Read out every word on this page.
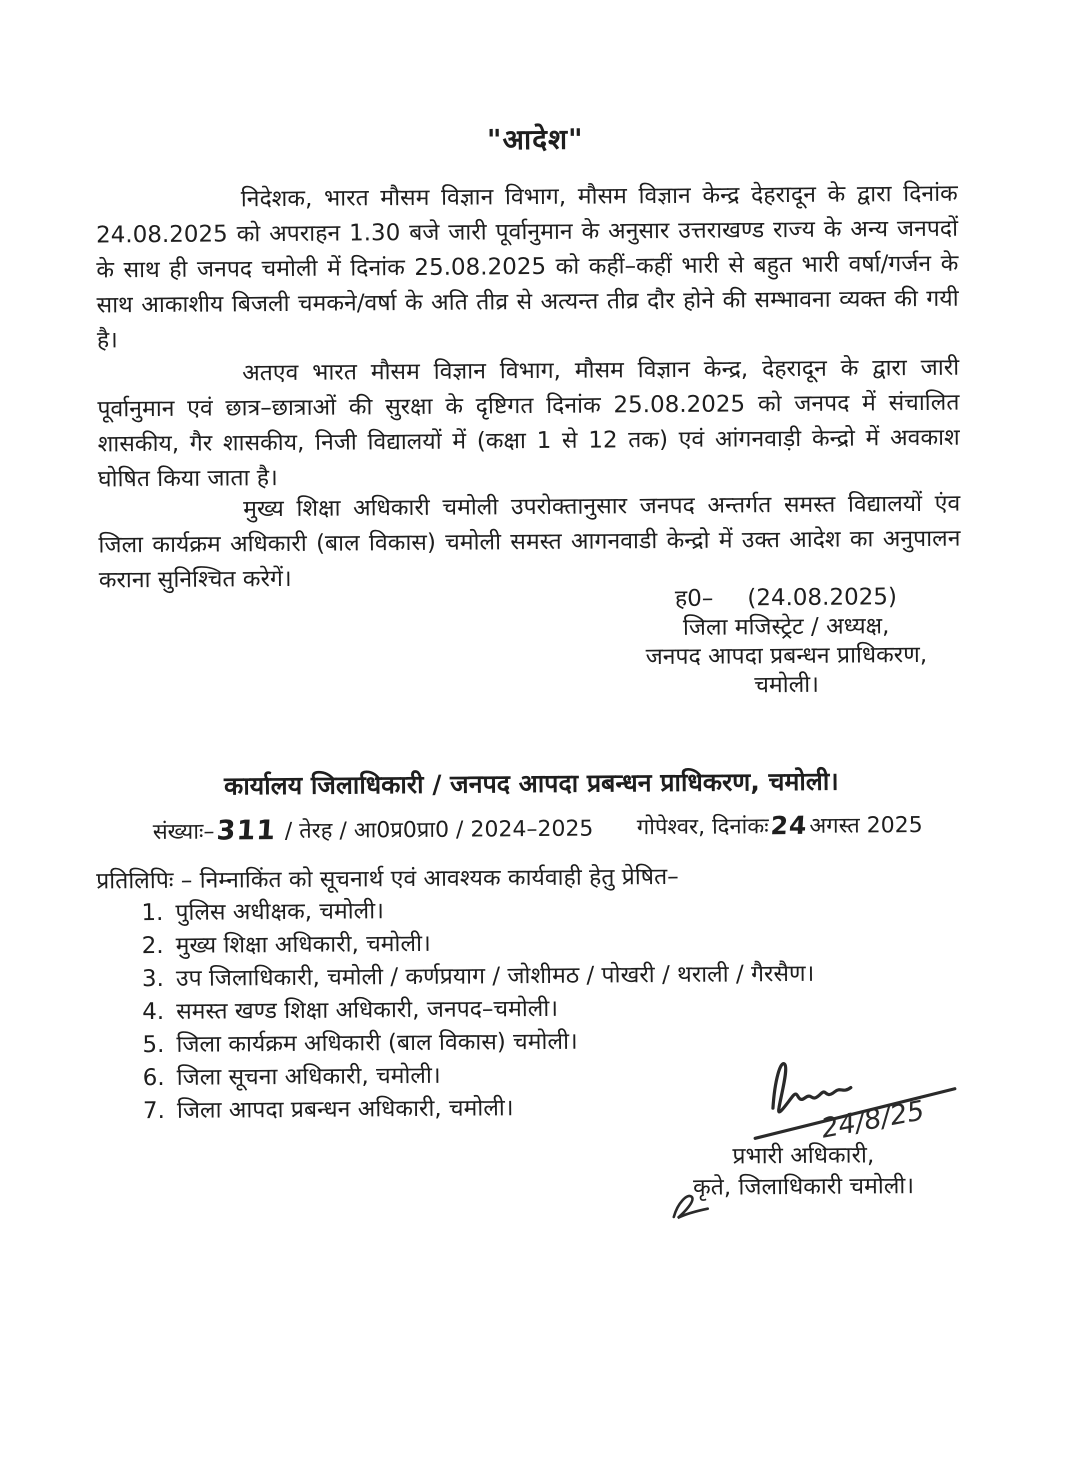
"आदेश"

निदेशक, भारत मौसम विज्ञान विभाग, मौसम विज्ञान केन्द्र देहरादून के द्वारा दिनांक 24.08.2025 को अपराहन 1.30 बजे जारी पूर्वानुमान के अनुसार उत्तराखण्ड राज्य के अन्य जनपदों के साथ ही जनपद चमोली में दिनांक 25.08.2025 को कहीं–कहीं भारी से बहुत भारी वर्षा/गर्जन के साथ आकाशीय बिजली चमकने/वर्षा के अति तीव्र से अत्यन्त तीव्र दौर होने की सम्भावना व्यक्त की गयी है।

अतएव भारत मौसम विज्ञान विभाग, मौसम विज्ञान केन्द्र, देहरादून के द्वारा जारी पूर्वानुमान एवं छात्र–छात्राओं की सुरक्षा के दृष्टिगत दिनांक 25.08.2025 को जनपद में संचालित शासकीय, गैर शासकीय, निजी विद्यालयों में (कक्षा 1 से 12 तक) एवं आंगनवाड़ी केन्द्रो में अवकाश घोषित किया जाता है।

मुख्य शिक्षा अधिकारी चमोली उपरोक्तानुसार जनपद अन्तर्गत समस्त विद्यालयों एंव जिला कार्यक्रम अधिकारी (बाल विकास) चमोली समस्त आगनवाडी केन्द्रो में उक्त आदेश का अनुपालन कराना सुनिश्चित करेगें।

ह0– (24.08.2025)
जिला मजिस्ट्रेट / अध्यक्ष,
जनपद आपदा प्रबन्धन प्राधिकरण,
चमोली।
कार्यालय जिलाधिकारी / जनपद आपदा प्रबन्धन प्राधिकरण, चमोली।
संख्याः–311 / तेरह / आ0प्र0प्रा0 / 2024–2025 गोपेश्वर, दिनांकः24अगस्त 2025
प्रतिलिपिः – निम्नाकिंत को सूचनार्थ एवं आवश्यक कार्यवाही हेतु प्रेषित–
1. पुलिस अधीक्षक, चमोली।
2. मुख्य शिक्षा अधिकारी, चमोली।
3. उप जिलाधिकारी, चमोली / कर्णप्रयाग / जोशीमठ / पोखरी / थराली / गैरसैण।
4. समस्त खण्ड शिक्षा अधिकारी, जनपद–चमोली।
5. जिला कार्यक्रम अधिकारी (बाल विकास) चमोली।
6. जिला सूचना अधिकारी, चमोली।
7. जिला आपदा प्रबन्धन अधिकारी, चमोली।	24/8/25
प्रभारी अधिकारी,
कृते, जिलाधिकारी चमोली।
